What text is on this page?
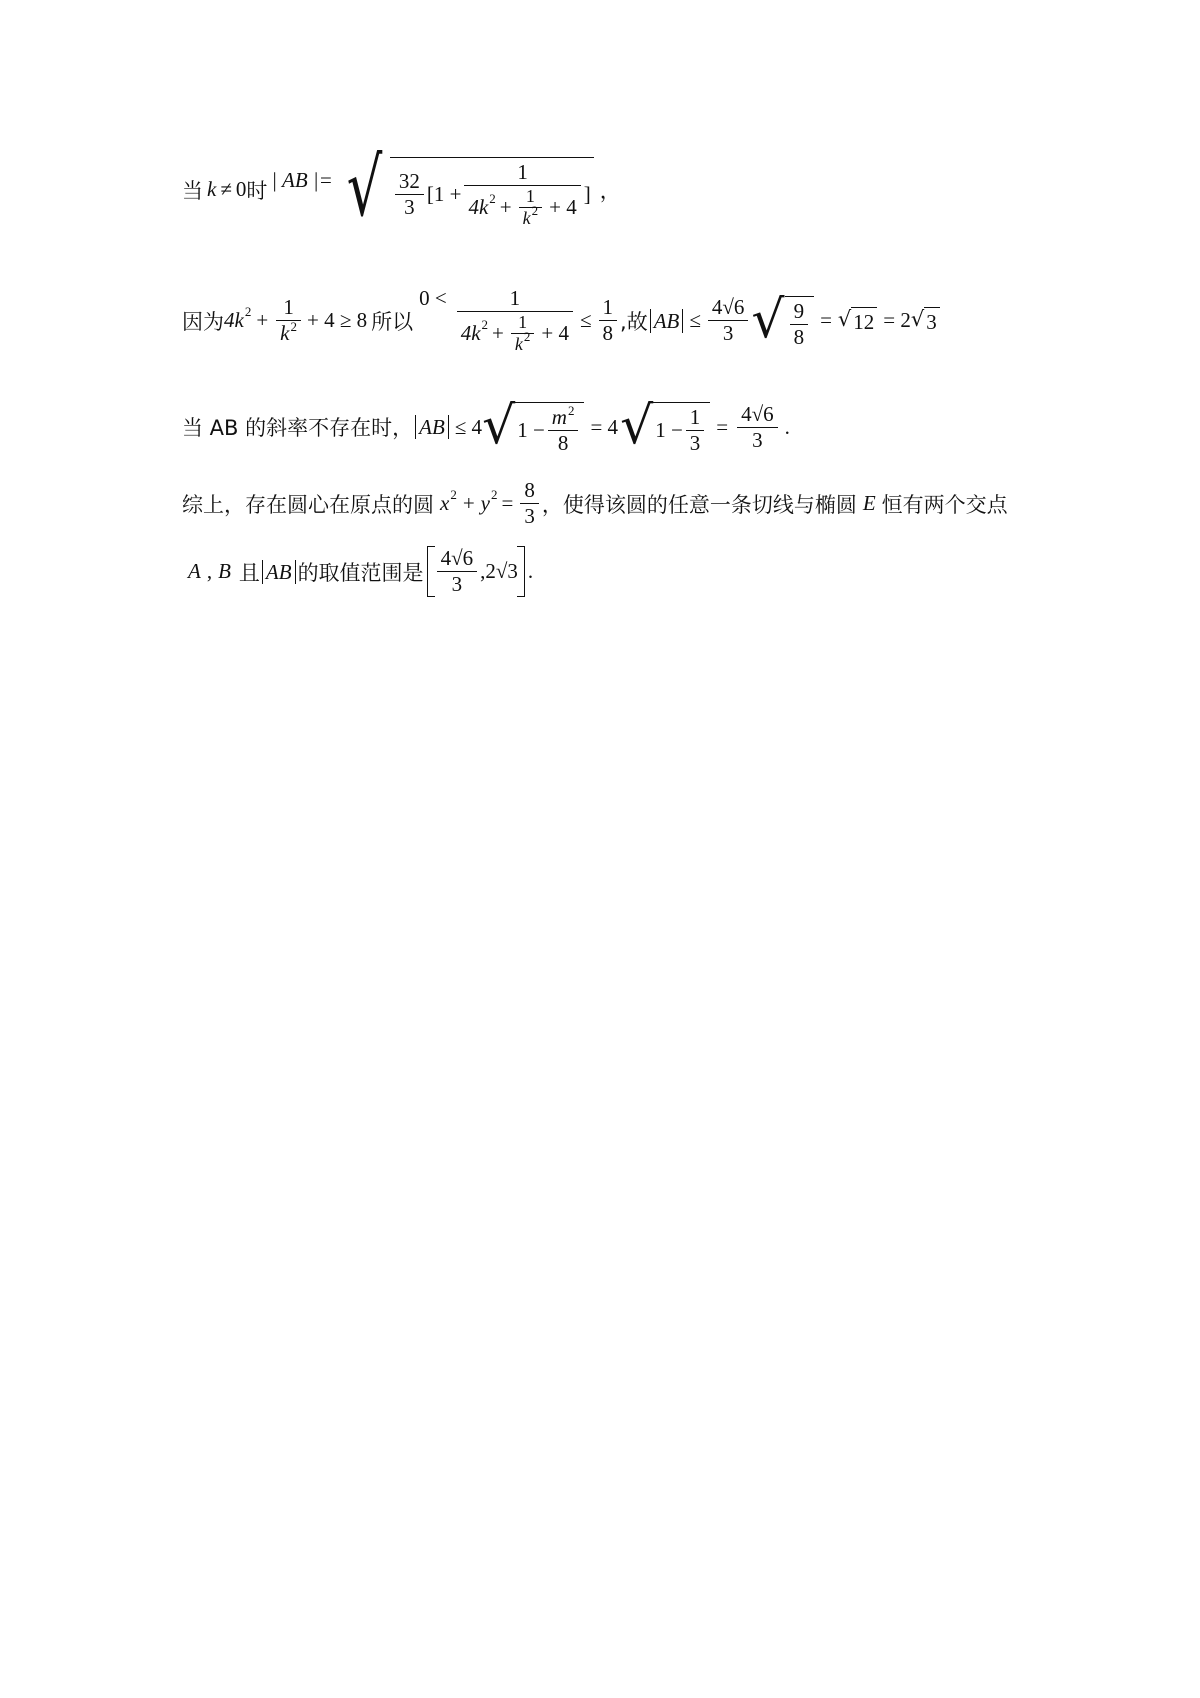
当 k ≠ 0 时 | AB |= √ $\frac{32}{3} [1$ +
1
4k $2 + \frac{1}{k^2} + 4$
] ，
因为 4k $2 + \frac{1}{k^2} + 4 \ge 8$ 所以
0 <	1
4k $2 + \frac{1}{k^2} + 4$
≤ $\frac{1}{8}$ ,故 AB ≤ $\frac{4√6}{3}$ √ $\frac{9}{8}$ = √ 12 = 2 √ 3
当 AB 的斜率不存在时， AB ≤ 4 √ $1 - \frac{m^2}{8} = 4$ √ $1 - \frac{1}{3} = \frac{4√6}{3}$ .
综上，存在圆心在原点的圆 x 2 + y $2 = \frac{8}{3}$ ，使得该圆的任意一条切线与椭圆 E 恒有两个交点
A , B 且 AB 的取值范围是 $\frac{4√6}{3} ,2√3$ .
